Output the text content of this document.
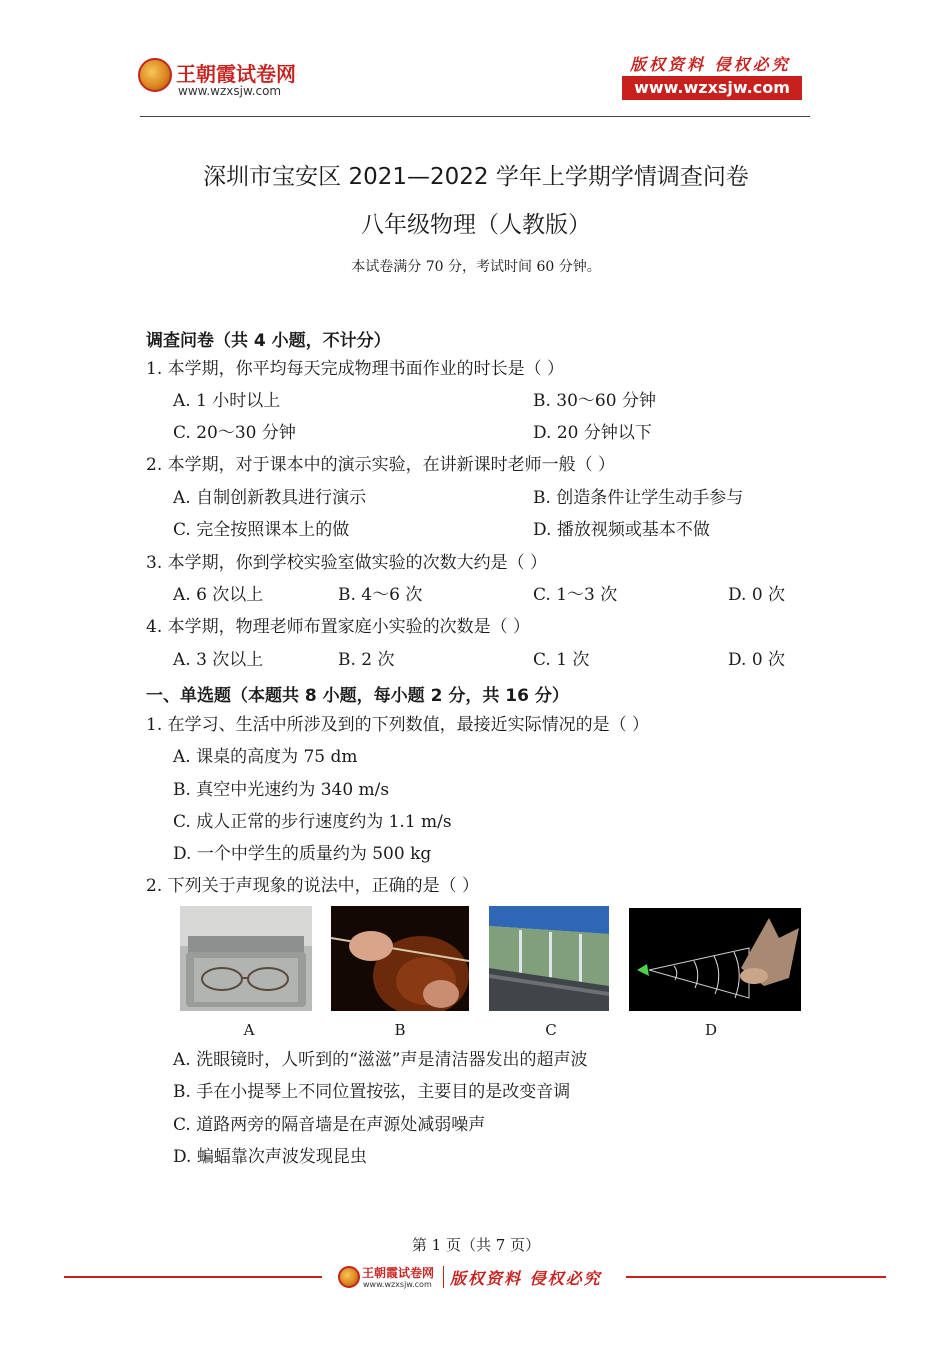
王朝霞试卷网
www.wzxsjw.com
版权资料 侵权必究
www.wzxsjw.com
深圳市宝安区 2021—2022 学年上学期学情调查问卷
八年级物理（人教版）
本试卷满分 70 分，考试时间 60 分钟。
调查问卷（共 4 小题，不计分）
1. 本学期，你平均每天完成物理书面作业的时长是（ ）
A. 1 小时以上	B. 30～60 分钟
C. 20～30 分钟	D. 20 分钟以下
2. 本学期，对于课本中的演示实验，在讲新课时老师一般（ ）
A. 自制创新教具进行演示	B. 创造条件让学生动手参与
C. 完全按照课本上的做	D. 播放视频或基本不做
3. 本学期，你到学校实验室做实验的次数大约是（ ）
A. 6 次以上	B. 4～6 次	C. 1～3 次	D. 0 次
4. 本学期，物理老师布置家庭小实验的次数是（ ）
A. 3 次以上	B. 2 次	C. 1 次	D. 0 次
一、单选题（本题共 8 小题，每小题 2 分，共 16 分）
1. 在学习、生活中所涉及到的下列数值，最接近实际情况的是（ ）
A. 课桌的高度为 75 dm
B. 真空中光速约为 340 m/s
C. 成人正常的步行速度约为 1.1 m/s
D. 一个中学生的质量约为 500 kg
2. 下列关于声现象的说法中，正确的是（ ）
A	B	C	D
A. 洗眼镜时，人听到的“滋滋”声是清洁器发出的超声波
B. 手在小提琴上不同位置按弦，主要目的是改变音调
C. 道路两旁的隔音墙是在声源处减弱噪声
D. 蝙蝠靠次声波发现昆虫
第 1 页（共 7 页）
王朝霞试卷网
www.wzxsjw.com 版权资料 侵权必究
